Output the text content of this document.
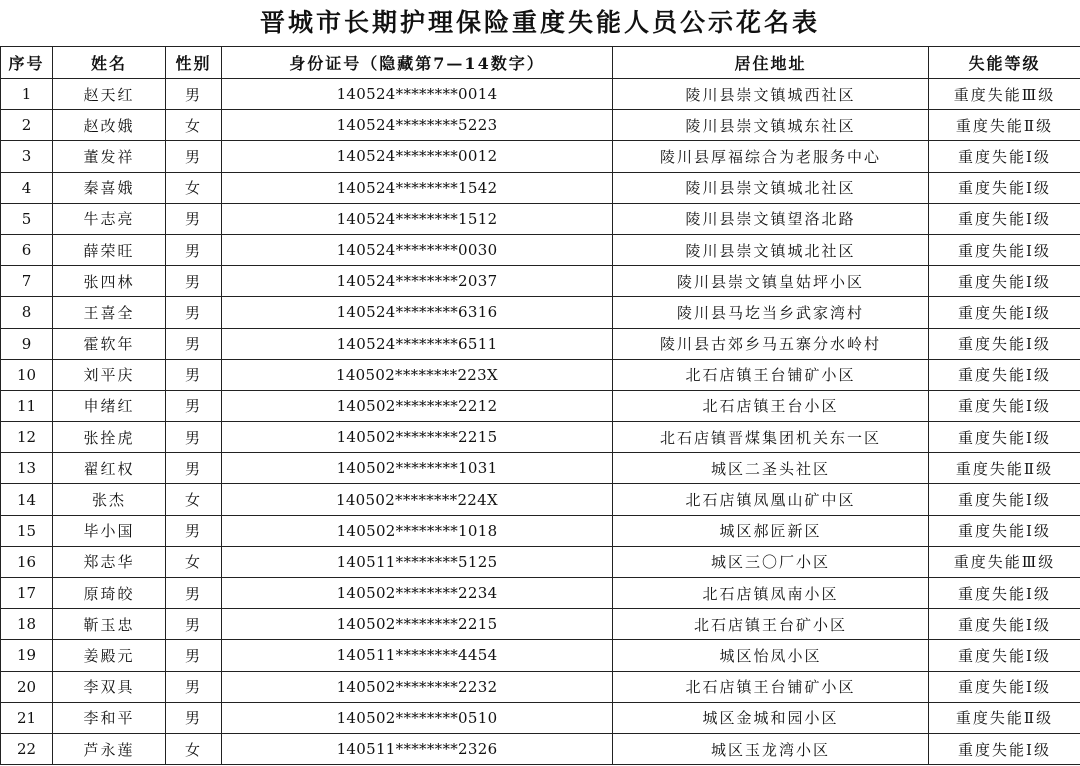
晋城市长期护理保险重度失能人员公示花名表
序号	姓名	性别	身份证号（隐藏第7—14数字）	居住地址	失能等级
1	赵天红	男	140524********0014	陵川县崇文镇城西社区	重度失能Ⅲ级
2	赵改娥	女	140524********5223	陵川县崇文镇城东社区	重度失能Ⅱ级
3	董发祥	男	140524********0012	陵川县厚福综合为老服务中心	重度失能Ⅰ级
4	秦喜娥	女	140524********1542	陵川县崇文镇城北社区	重度失能Ⅰ级
5	牛志亮	男	140524********1512	陵川县崇文镇望洛北路	重度失能Ⅰ级
6	薛荣旺	男	140524********0030	陵川县崇文镇城北社区	重度失能Ⅰ级
7	张四林	男	140524********2037	陵川县崇文镇皇姑坪小区	重度失能Ⅰ级
8	王喜全	男	140524********6316	陵川县马圪当乡武家湾村	重度失能Ⅰ级
9	霍软年	男	140524********6511	陵川县古郊乡马五寨分水岭村	重度失能Ⅰ级
10	刘平庆	男	140502********223X	北石店镇王台铺矿小区	重度失能Ⅰ级
11	申绪红	男	140502********2212	北石店镇王台小区	重度失能Ⅰ级
12	张拴虎	男	140502********2215	北石店镇晋煤集团机关东一区	重度失能Ⅰ级
13	翟红权	男	140502********1031	城区二圣头社区	重度失能Ⅱ级
14	张杰	女	140502********224X	北石店镇凤凰山矿中区	重度失能Ⅰ级
15	毕小国	男	140502********1018	城区郝匠新区	重度失能Ⅰ级
16	郑志华	女	140511********5125	城区三〇厂小区	重度失能Ⅲ级
17	原琦皎	男	140502********2234	北石店镇凤南小区	重度失能Ⅰ级
18	靳玉忠	男	140502********2215	北石店镇王台矿小区	重度失能Ⅰ级
19	姜殿元	男	140511********4454	城区怡凤小区	重度失能Ⅰ级
20	李双具	男	140502********2232	北石店镇王台铺矿小区	重度失能Ⅰ级
21	李和平	男	140502********0510	城区金城和园小区	重度失能Ⅱ级
22	芦永莲	女	140511********2326	城区玉龙湾小区	重度失能Ⅰ级
